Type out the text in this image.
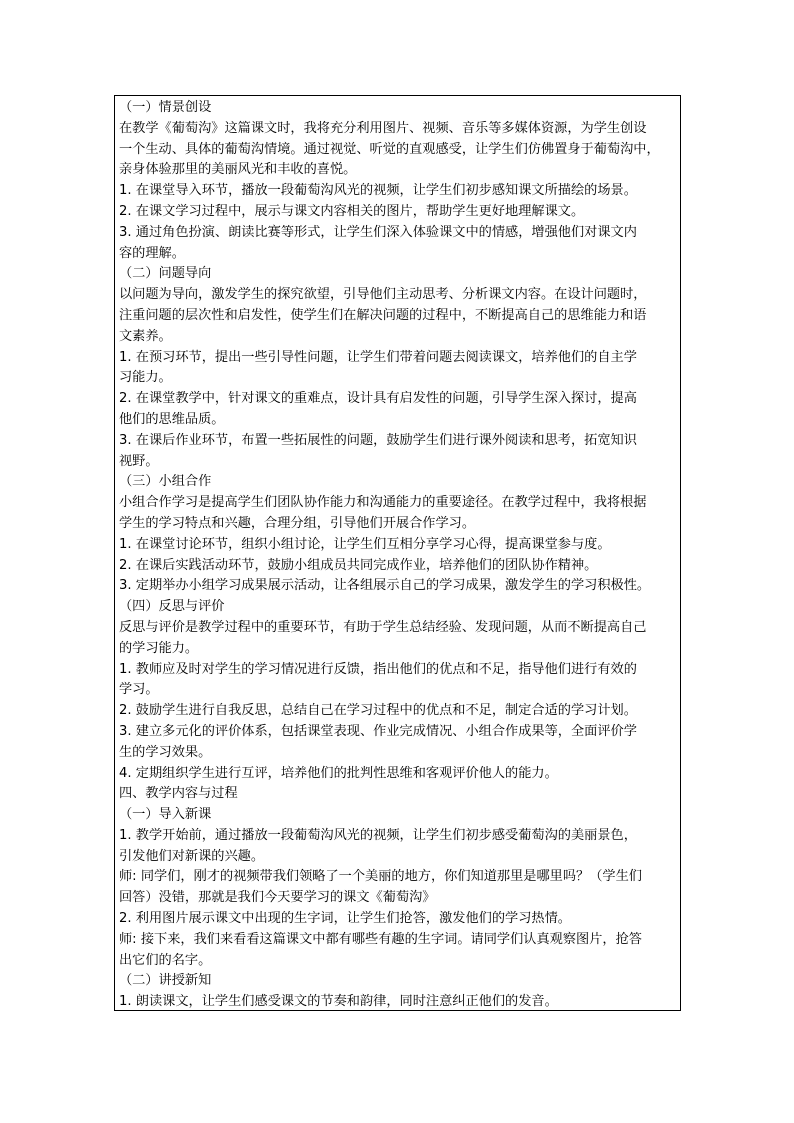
（一）情景创设
在教学《葡萄沟》这篇课文时，我将充分利用图片、视频、音乐等多媒体资源，为学生创设
一个生动、具体的葡萄沟情境。通过视觉、听觉的直观感受，让学生们仿佛置身于葡萄沟中，
亲身体验那里的美丽风光和丰收的喜悦。
1. 在课堂导入环节，播放一段葡萄沟风光的视频，让学生们初步感知课文所描绘的场景。
2. 在课文学习过程中，展示与课文内容相关的图片，帮助学生更好地理解课文。
3. 通过角色扮演、朗读比赛等形式，让学生们深入体验课文中的情感，增强他们对课文内
容的理解。
（二）问题导向
以问题为导向，激发学生的探究欲望，引导他们主动思考、分析课文内容。在设计问题时，
注重问题的层次性和启发性，使学生们在解决问题的过程中，不断提高自己的思维能力和语
文素养。
1. 在预习环节，提出一些引导性问题，让学生们带着问题去阅读课文，培养他们的自主学
习能力。
2. 在课堂教学中，针对课文的重难点，设计具有启发性的问题，引导学生深入探讨，提高
他们的思维品质。
3. 在课后作业环节，布置一些拓展性的问题，鼓励学生们进行课外阅读和思考，拓宽知识
视野。
（三）小组合作
小组合作学习是提高学生们团队协作能力和沟通能力的重要途径。在教学过程中，我将根据
学生的学习特点和兴趣，合理分组，引导他们开展合作学习。
1. 在课堂讨论环节，组织小组讨论，让学生们互相分享学习心得，提高课堂参与度。
2. 在课后实践活动环节，鼓励小组成员共同完成作业，培养他们的团队协作精神。
3. 定期举办小组学习成果展示活动，让各组展示自己的学习成果，激发学生的学习积极性。
（四）反思与评价
反思与评价是教学过程中的重要环节，有助于学生总结经验、发现问题，从而不断提高自己
的学习能力。
1. 教师应及时对学生的学习情况进行反馈，指出他们的优点和不足，指导他们进行有效的
学习。
2. 鼓励学生进行自我反思，总结自己在学习过程中的优点和不足，制定合适的学习计划。
3. 建立多元化的评价体系，包括课堂表现、作业完成情况、小组合作成果等，全面评价学
生的学习效果。
4. 定期组织学生进行互评，培养他们的批判性思维和客观评价他人的能力。
四、教学内容与过程
（一）导入新课
1. 教学开始前，通过播放一段葡萄沟风光的视频，让学生们初步感受葡萄沟的美丽景色，
引发他们对新课的兴趣。
师: 同学们，刚才的视频带我们领略了一个美丽的地方，你们知道那里是哪里吗？（学生们
回答）没错，那就是我们今天要学习的课文《葡萄沟》
2. 利用图片展示课文中出现的生字词，让学生们抢答，激发他们的学习热情。
师: 接下来，我们来看看这篇课文中都有哪些有趣的生字词。请同学们认真观察图片，抢答
出它们的名字。
（二）讲授新知
1. 朗读课文，让学生们感受课文的节奏和韵律，同时注意纠正他们的发音。
